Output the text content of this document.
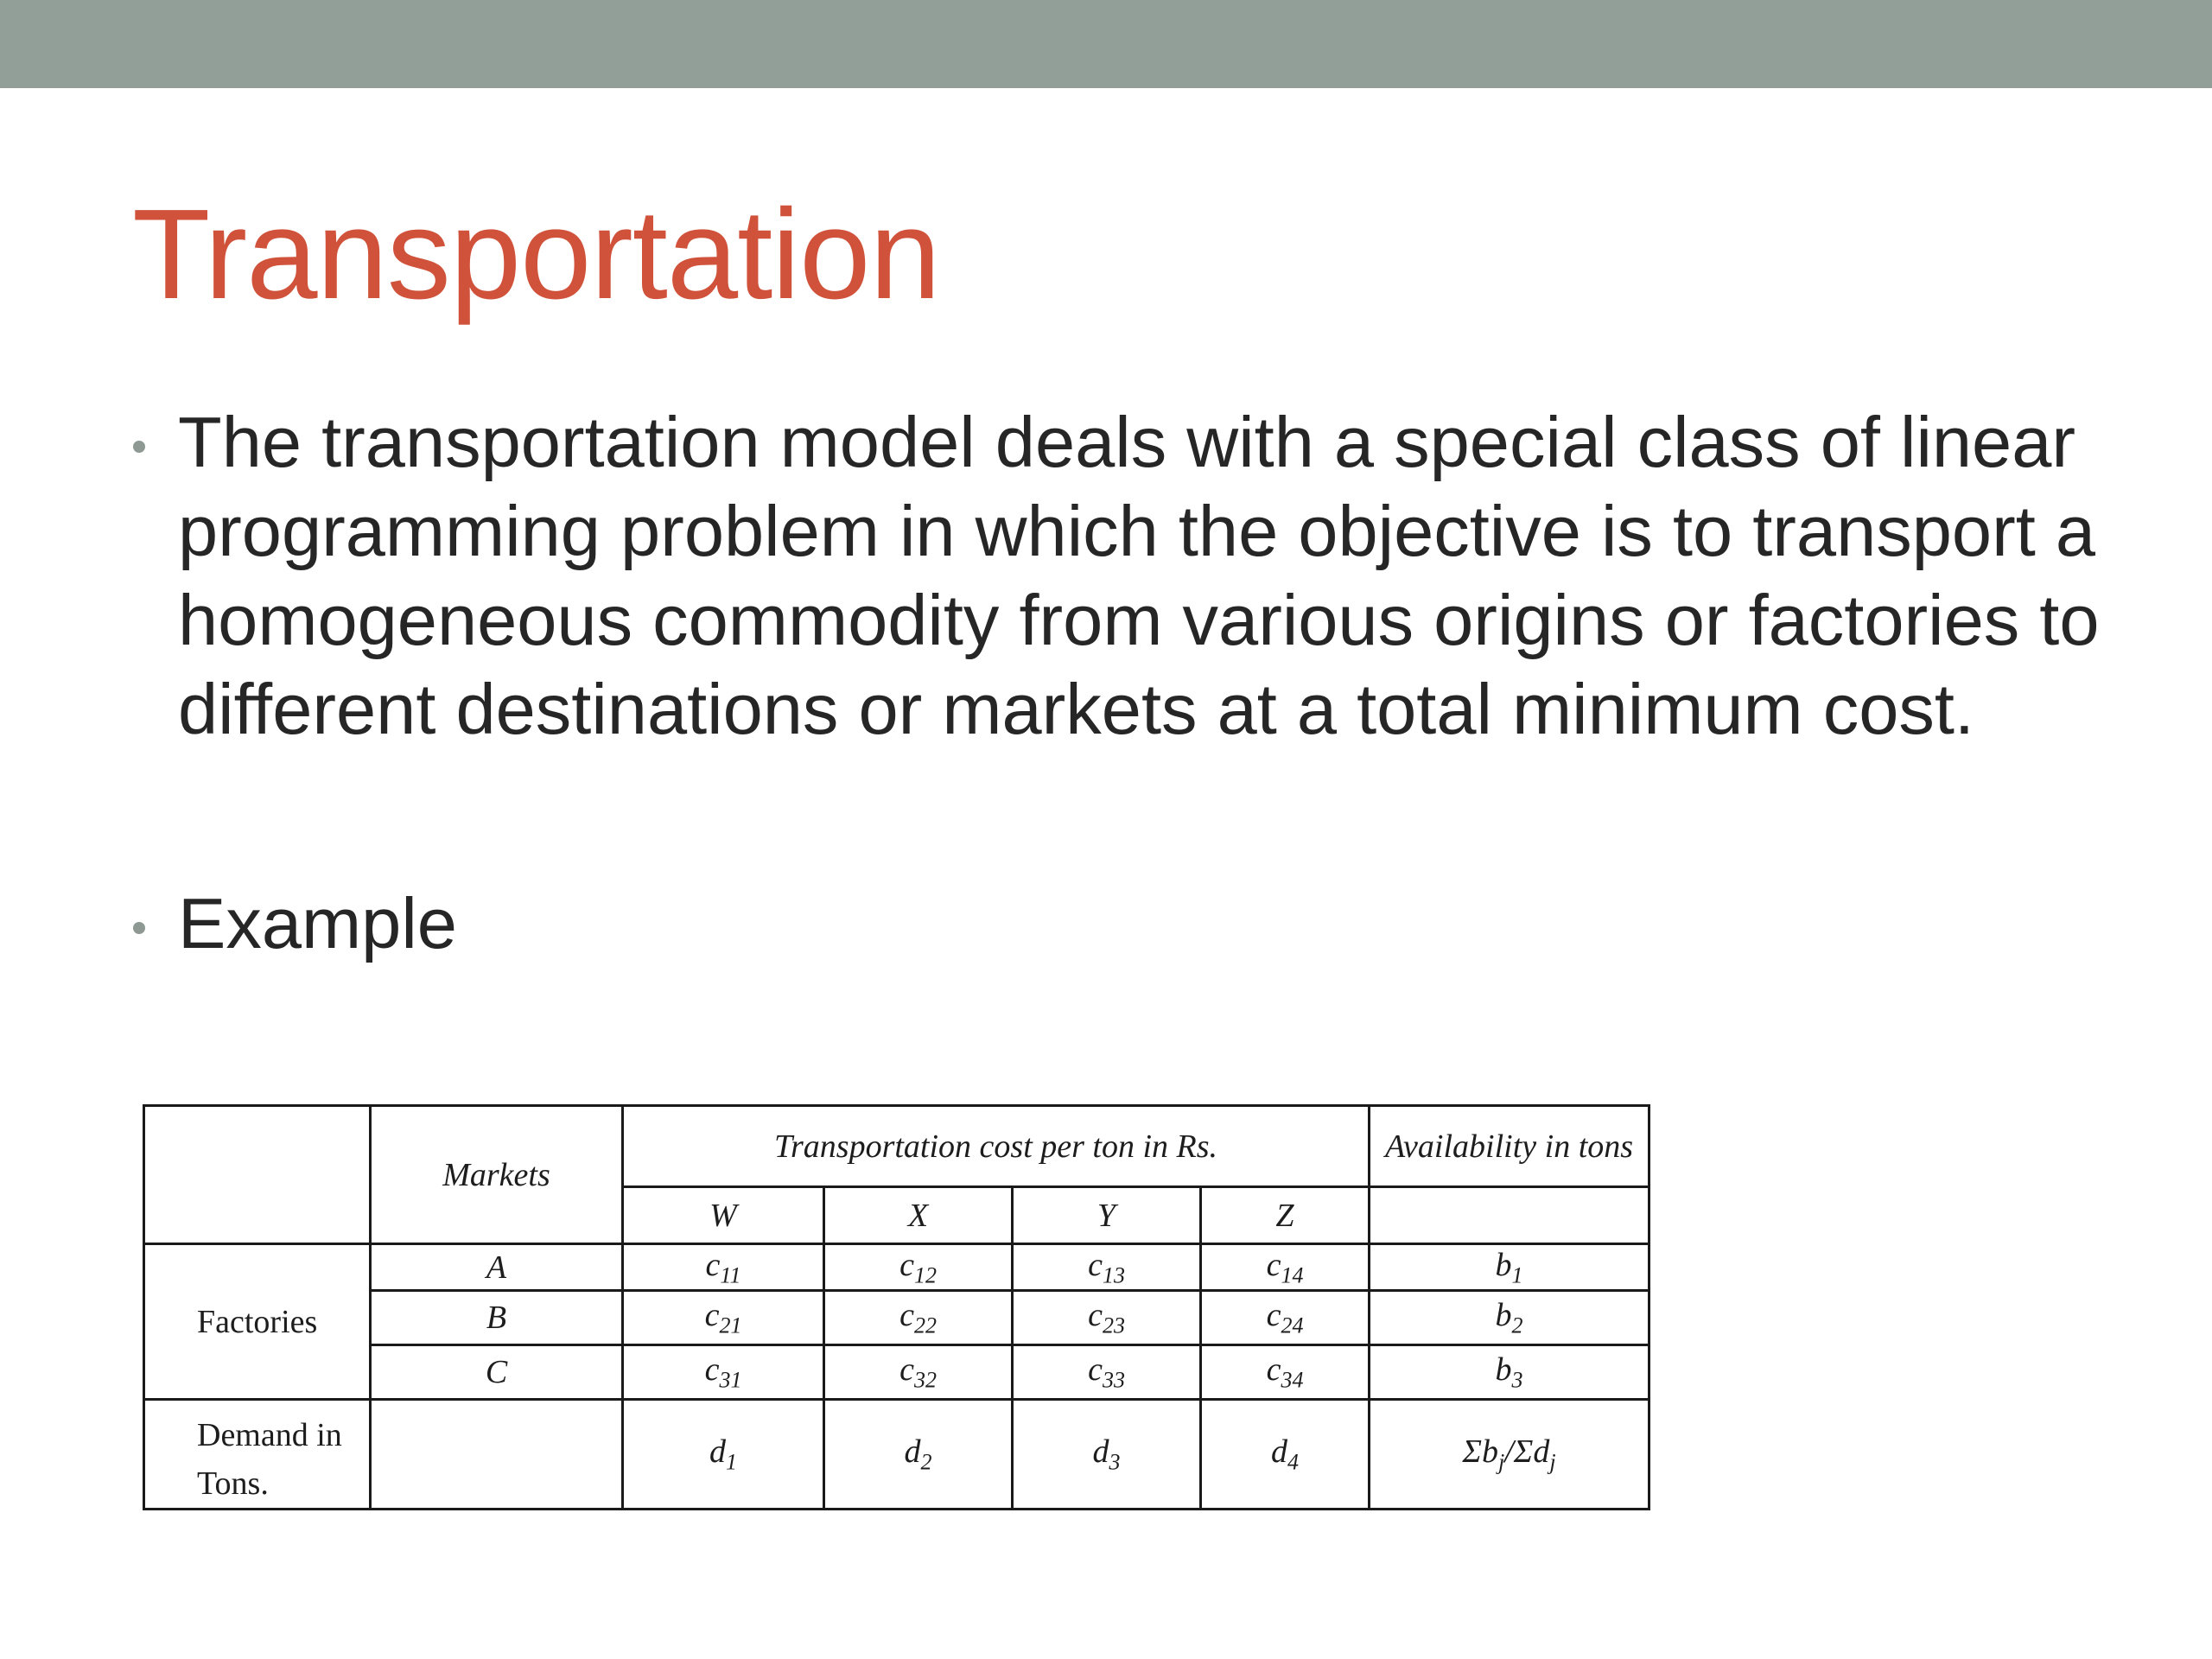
Transportation
The transportation model deals with a special class of linear programming problem in which the objective is to transport a homogeneous commodity from various origins or factories to different destinations or markets at a total minimum cost.
Example
	Markets	Transportation cost per ton in Rs.				Availability in tons
		W	X	Y	Z	
Factories	A	$c_{11}$	$c_{12}$	$c_{13}$	$c_{14}$	$b_1$
	B	$c_{21}$	$c_{22}$	$c_{23}$	$c_{24}$	$b_2$
	C	$c_{31}$	$c_{32}$	$c_{33}$	$c_{34}$	$b_3$
Demand in
Tons.		$d_1$	$d_2$	$d_3$	$d_4$	$\Sigma b_j/\Sigma d_j$
